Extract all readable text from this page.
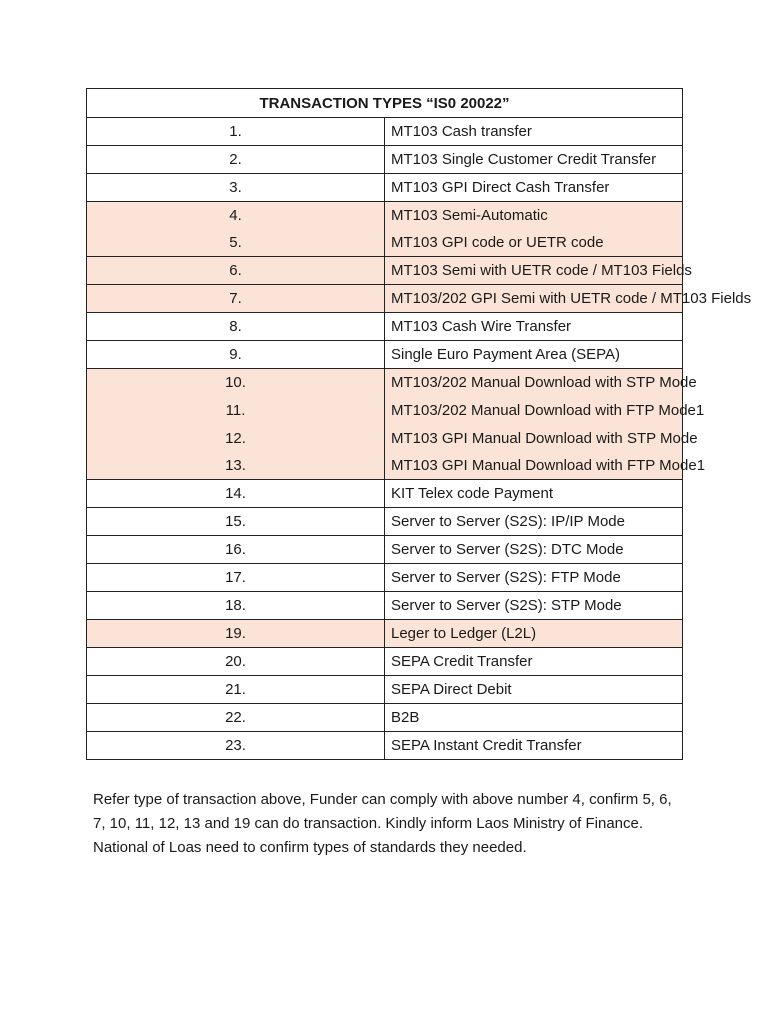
TRANSACTION TYPES “IS0 20022”	
1.	MT103 Cash transfer
2.	MT103 Single Customer Credit Transfer
3.	MT103 GPI Direct Cash Transfer
4.	MT103 Semi-Automatic
5.	MT103 GPI code or UETR code
6.	MT103 Semi with UETR code / MT103 Fields
7.	MT103/202 GPI Semi with UETR code / MT103 Fields
8.	MT103 Cash Wire Transfer
9.	Single Euro Payment Area (SEPA)
10.	MT103/202 Manual Download with STP Mode
11.	MT103/202 Manual Download with FTP Mode1
12.	MT103 GPI Manual Download with STP Mode
13.	MT103 GPI Manual Download with FTP Mode1
14.	KIT Telex code Payment
15.	Server to Server (S2S): IP/IP Mode
16.	Server to Server (S2S): DTC Mode
17.	Server to Server (S2S): FTP Mode
18.	Server to Server (S2S): STP Mode
19.	Leger to Ledger (L2L)
20.	SEPA Credit Transfer
21.	SEPA Direct Debit
22.	B2B
23.	SEPA Instant Credit Transfer

Refer type of transaction above, Funder can comply with above number 4, confirm 5, 6, 7, 10, 11, 12, 13 and 19 can do transaction. Kindly inform Laos Ministry of Finance. National of Loas need to confirm types of standards they needed.
